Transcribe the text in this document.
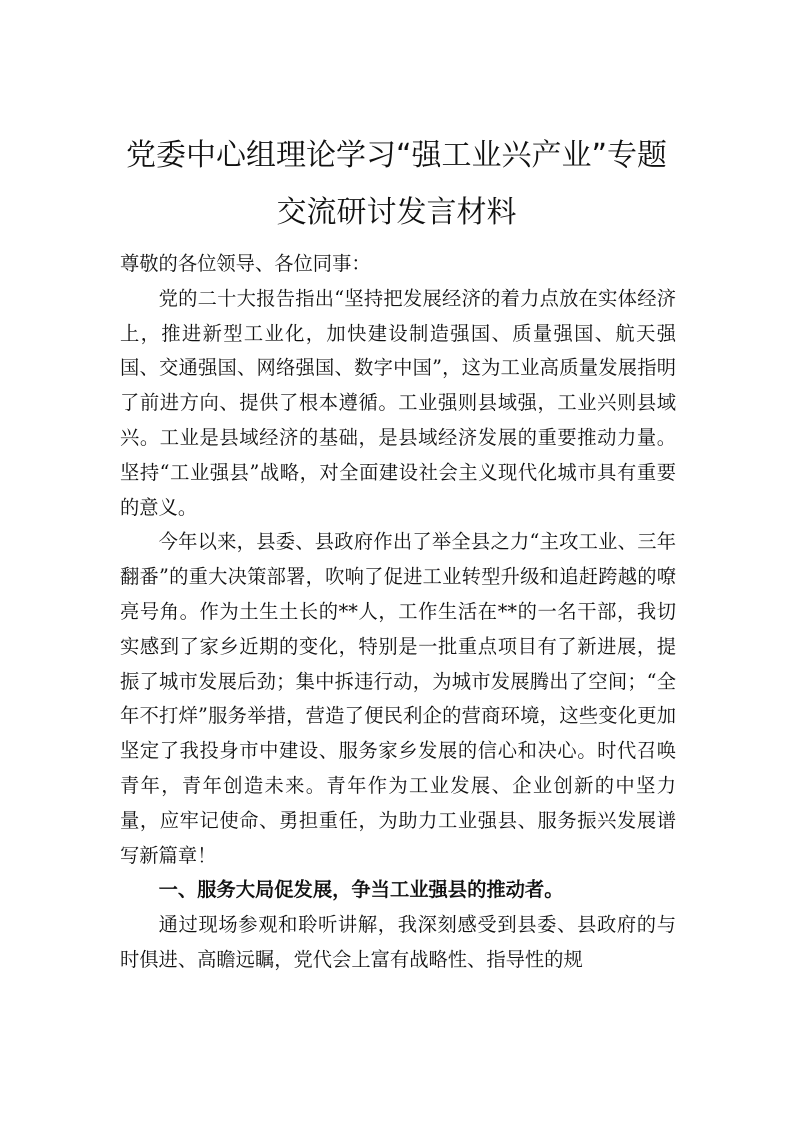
党委中心组理论学习“强工业兴产业”专题
交流研讨发言材料

尊敬的各位领导、各位同事：

党的二十大报告指出“坚持把发展经济的着力点放在实体经济上，推进新型工业化，加快建设制造强国、质量强国、航天强国、交通强国、网络强国、数字中国”，这为工业高质量发展指明了前进方向、提供了根本遵循。工业强则县域强，工业兴则县域兴。工业是县域经济的基础，是县域经济发展的重要推动力量。坚持“工业强县”战略，对全面建设社会主义现代化城市具有重要的意义。

今年以来，县委、县政府作出了举全县之力“主攻工业、三年翻番”的重大决策部署，吹响了促进工业转型升级和追赶跨越的嘹亮号角。作为土生土长的**人，工作生活在**的一名干部，我切实感到了家乡近期的变化，特别是一批重点项目有了新进展，提振了城市发展后劲；集中拆违行动，为城市发展腾出了空间；“全年不打烊”服务举措，营造了便民利企的营商环境，这些变化更加坚定了我投身市中建设、服务家乡发展的信心和决心。时代召唤青年，青年创造未来。青年作为工业发展、企业创新的中坚力量，应牢记使命、勇担重任，为助力工业强县、服务振兴发展谱写新篇章！

一、服务大局促发展，争当工业强县的推动者。

通过现场参观和聆听讲解，我深刻感受到县委、县政府的与时俱进、高瞻远瞩，党代会上富有战略性、指导性的规
